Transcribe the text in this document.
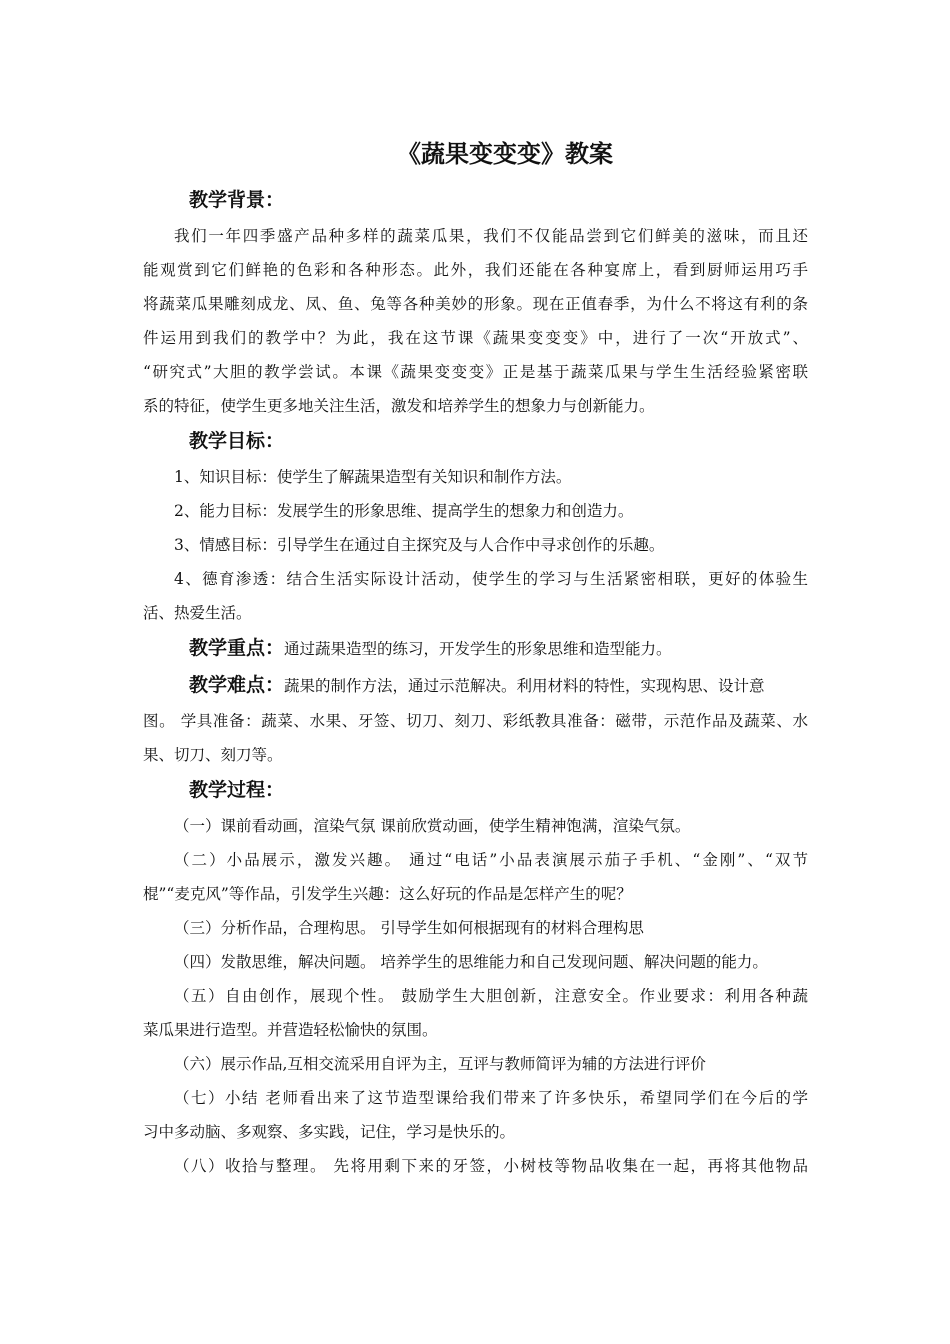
《蔬果变变变》教案
教学背景：
我们一年四季盛产品种多样的蔬菜瓜果，我们不仅能品尝到它们鲜美的滋味，而且还
能观赏到它们鲜艳的色彩和各种形态。此外，我们还能在各种宴席上，看到厨师运用巧手
将蔬菜瓜果雕刻成龙、凤、鱼、兔等各种美妙的形象。现在正值春季，为什么不将这有利的条
件运用到我们的教学中？为此，我在这节课《蔬果变变变》中，进行了一次“开放式”、
“研究式”大胆的教学尝试。本课《蔬果变变变》正是基于蔬菜瓜果与学生生活经验紧密联
系的特征，使学生更多地关注生活，激发和培养学生的想象力与创新能力。
教学目标：
1、知识目标：使学生了解蔬果造型有关知识和制作方法。
2、能力目标：发展学生的形象思维、提高学生的想象力和创造力。
3、情感目标：引导学生在通过自主探究及与人合作中寻求创作的乐趣。
4、德育渗透：结合生活实际设计活动，使学生的学习与生活紧密相联，更好的体验生
活、热爱生活。
教学重点：通过蔬果造型的练习，开发学生的形象思维和造型能力。
教学难点：蔬果的制作方法，通过示范解决。利用材料的特性，实现构思、设计意
图。 学具准备：蔬菜、水果、牙签、切刀、刻刀、彩纸教具准备：磁带，示范作品及蔬菜、水
果、切刀、刻刀等。
教学过程：
（一）课前看动画，渲染气氛 课前欣赏动画，使学生精神饱满，渲染气氛。
（二）小品展示，激发兴趣。 通过“电话”小品表演展示茄子手机、“金刚”、“双节
棍”“麦克风”等作品，引发学生兴趣：这么好玩的作品是怎样产生的呢？
（三）分析作品，合理构思。 引导学生如何根据现有的材料合理构思
（四）发散思维，解决问题。 培养学生的思维能力和自己发现问题、解决问题的能力。
（五）自由创作，展现个性。 鼓励学生大胆创新，注意安全。作业要求：利用各种蔬
菜瓜果进行造型。并营造轻松愉快的氛围。
（六）展示作品,互相交流采用自评为主，互评与教师简评为辅的方法进行评价
（七）小结 老师看出来了这节造型课给我们带来了许多快乐，希望同学们在今后的学
习中多动脑、多观察、多实践，记住，学习是快乐的。
（八）收拾与整理。 先将用剩下来的牙签，小树枝等物品收集在一起，再将其他物品
